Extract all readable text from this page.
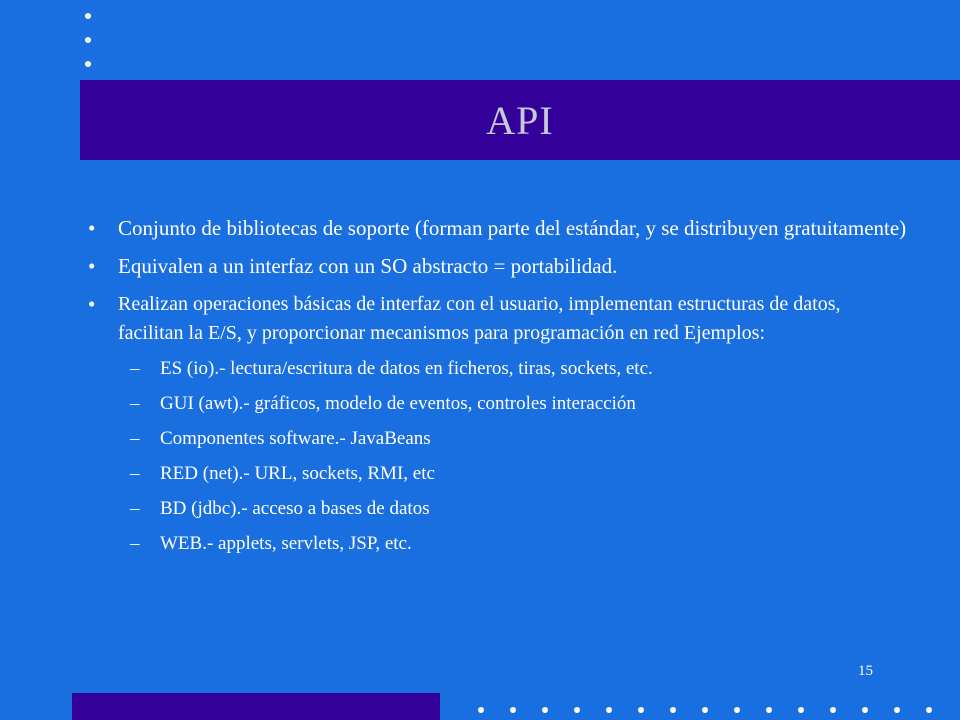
API
• Conjunto de bibliotecas de soporte (forman parte del estándar, y se distribuyen gratuitamente)
• Equivalen a un interfaz con un SO abstracto = portabilidad.
• Realizan operaciones básicas de interfaz con el usuario, implementan estructuras de datos, facilitan la E/S, y proporcionar mecanismos para programación en red Ejemplos:
– ES (io).- lectura/escritura de datos en ficheros, tiras, sockets, etc.
– GUI (awt).- gráficos, modelo de eventos, controles interacción
– Componentes software.- JavaBeans
– RED (net).- URL, sockets, RMI, etc
– BD (jdbc).- acceso a bases de datos
– WEB.- applets, servlets, JSP, etc.
15
